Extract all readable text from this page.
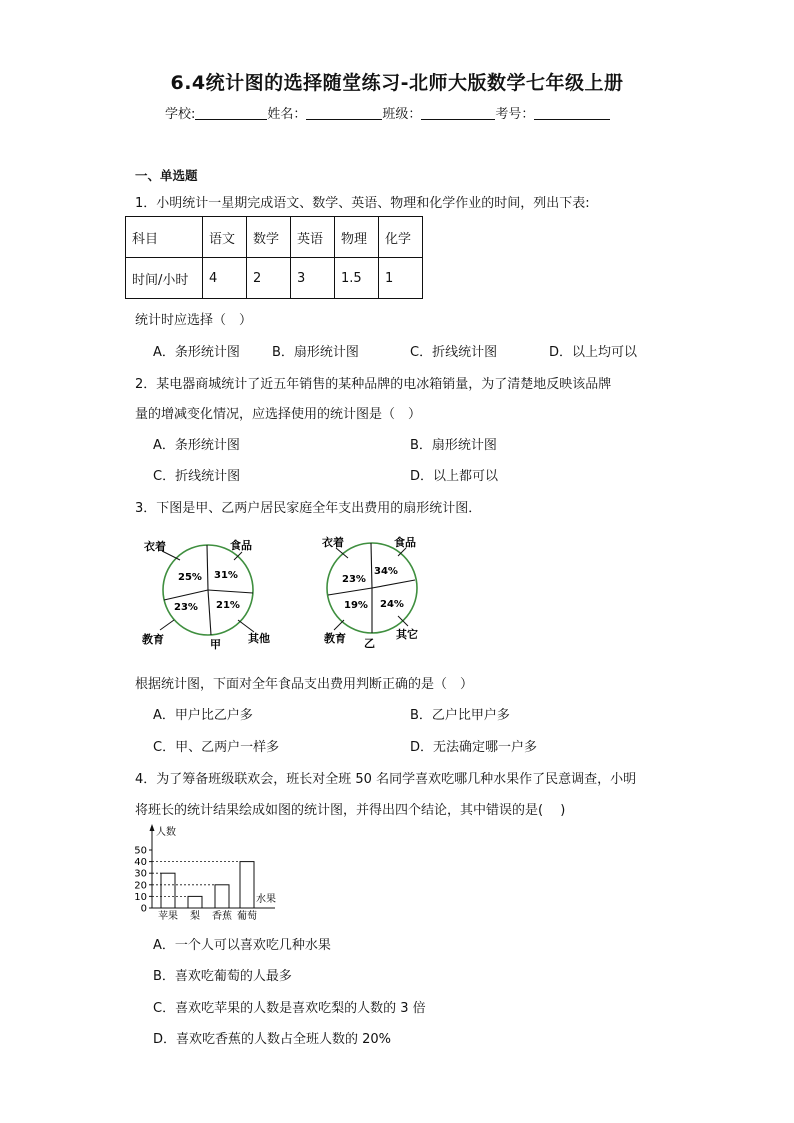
6.4统计图的选择随堂练习-北师大版数学七年级上册
学校:	姓名：	班级：	考号：
一、单选题
1．小明统计一星期完成语文、数学、英语、物理和化学作业的时间，列出下表:
科目	语文	数学	英语	物理	化学
时间/小时	4	2	3	1.5	1
统计时应选择（　）
A．条形统计图 B．扇形统计图	C．折线统计图	D．以上均可以
2．某电器商城统计了近五年销售的某种品牌的电冰箱销量，为了清楚地反映该品牌
量的增减变化情况，应选择使用的统计图是（　）
A．条形统计图	B．扇形统计图
C．折线统计图	D．以上都可以
3．下图是甲、乙两户居民家庭全年支出费用的扇形统计图．
25% 31%
23% 21%
衣着	食品
教育	其他
甲
23%
34%
19% 24%
衣着	食品
教育	其它
乙
根据统计图，下面对全年食品支出费用判断正确的是（　）
A．甲户比乙户多	B．乙户比甲户多
C．甲、乙两户一样多	D．无法确定哪一户多
4．为了筹备班级联欢会，班长对全班 50 名同学喜欢吃哪几种水果作了民意调查，小明
将班长的统计结果绘成如图的统计图，并得出四个结论，其中错误的是(　 )
人数
水果
0
10
20
30
40
50
苹果 梨 香蕉 葡萄
A．一个人可以喜欢吃几种水果
B．喜欢吃葡萄的人最多
C．喜欢吃苹果的人数是喜欢吃梨的人数的 3 倍
D．喜欢吃香蕉的人数占全班人数的 20%
